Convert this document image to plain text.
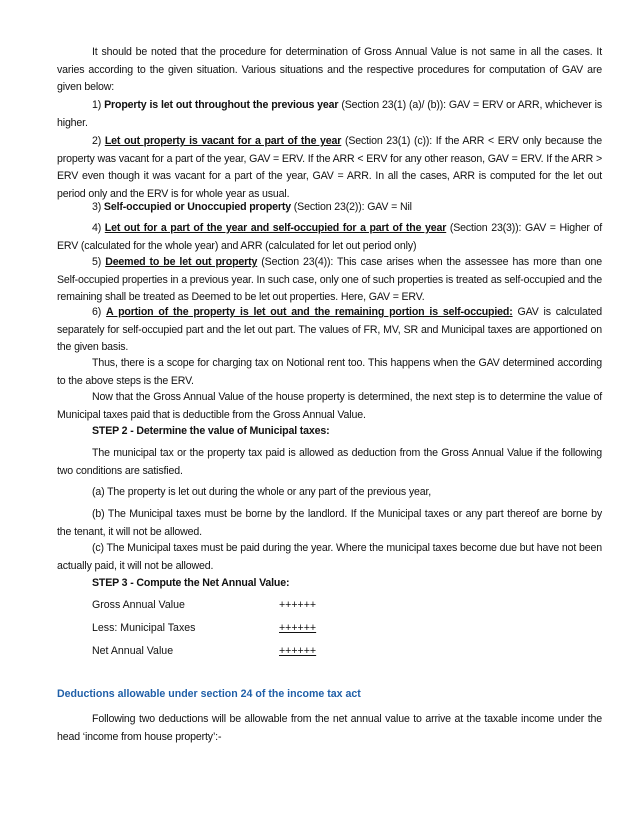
It should be noted that the procedure for determination of Gross Annual Value is not same in all the cases. It varies according to the given situation. Various situations and the respective procedures for computation of GAV are given below:

1) Property is let out throughout the previous year (Section 23(1) (a)/ (b)): GAV = ERV or ARR, whichever is higher.

2) Let out property is vacant for a part of the year (Section 23(1) (c)): If the ARR < ERV only because the property was vacant for a part of the year, GAV = ERV. If the ARR < ERV for any other reason, GAV = ERV. If the ARR > ERV even though it was vacant for a part of the year, GAV = ARR. In all the cases, ARR is computed for the let out period only and the ERV is for whole year as usual.

3) Self-occupied or Unoccupied property (Section 23(2)): GAV = Nil

4) Let out for a part of the year and self-occupied for a part of the year (Section 23(3)): GAV = Higher of ERV (calculated for the whole year) and ARR (calculated for let out period only)

5) Deemed to be let out property (Section 23(4)): This case arises when the assessee has more than one Self-occupied properties in a previous year. In such case, only one of such properties is treated as self-occupied and the remaining shall be treated as Deemed to be let out properties. Here, GAV = ERV.

6) A portion of the property is let out and the remaining portion is self-occupied: GAV is calculated separately for self-occupied part and the let out part. The values of FR, MV, SR and Municipal taxes are apportioned on the given basis.

Thus, there is a scope for charging tax on Notional rent too. This happens when the GAV determined according to the above steps is the ERV.

Now that the Gross Annual Value of the house property is determined, the next step is to determine the value of Municipal taxes paid that is deductible from the Gross Annual Value.

STEP 2 - Determine the value of Municipal taxes:

The municipal tax or the property tax paid is allowed as deduction from the Gross Annual Value if the following two conditions are satisfied.

(a) The property is let out during the whole or any part of the previous year,

(b) The Municipal taxes must be borne by the landlord. If the Municipal taxes or any part thereof are borne by the tenant, it will not be allowed.

(c) The Municipal taxes must be paid during the year. Where the municipal taxes become due but have not been actually paid, it will not be allowed.

STEP 3 - Compute the Net Annual Value:

Gross Annual Value	++++++
Less: Municipal Taxes	++++++
Net Annual Value	++++++
Deductions allowable under section 24 of the income tax act

Following two deductions will be allowable from the net annual value to arrive at the taxable income under the head ‘income from house property’:-
